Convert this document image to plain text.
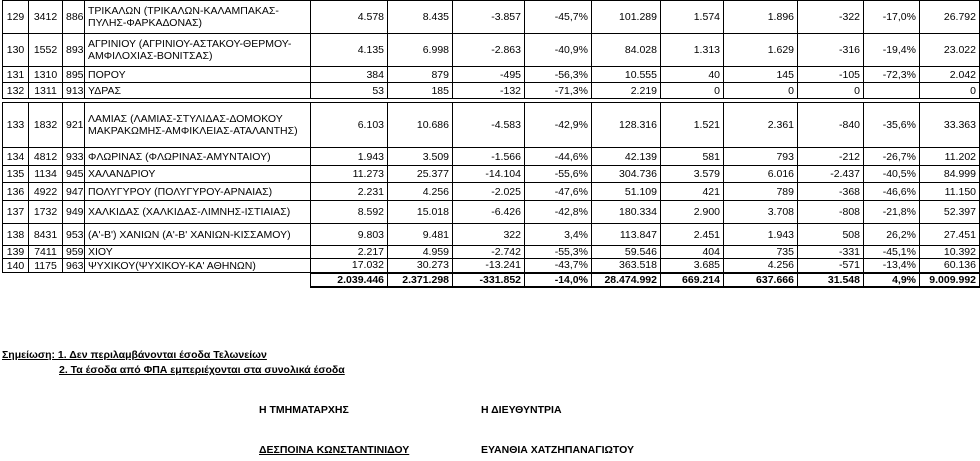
129	3412	886	ΤΡΙΚΑΛΩΝ (ΤΡΙΚΑΛΩΝ-ΚΑΛΑΜΠΑΚΑΣ-ΠΥΛΗΣ-ΦΑΡΚΑΔΟΝΑΣ)	4.578	8.435	-3.857	-45,7%	101.289	1.574	1.896	-322	-17,0%	26.792
130	1552	893	ΑΓΡΙΝΙΟΥ (ΑΓΡΙΝΙΟΥ-ΑΣΤΑΚΟΥ-ΘΕΡΜΟΥ-ΑΜΦΙΛΟΧΙΑΣ-ΒΟΝΙΤΣΑΣ)	4.135	6.998	-2.863	-40,9%	84.028	1.313	1.629	-316	-19,4%	23.022
131	1310	895	ΠΟΡΟΥ	384	879	-495	-56,3%	10.555	40	145	-105	-72,3%	2.042
132	1311	913	ΥΔΡΑΣ	53	185	-132	-71,3%	2.219	0	0	0		0

133	1832	921	ΛΑΜΙΑΣ (ΛΑΜΙΑΣ-ΣΤΥΛΙΔΑΣ-ΔΟΜΟΚΟΥ ΜΑΚΡΑΚΩΜΗΣ-ΑΜΦΙΚΛΕΙΑΣ-ΑΤΑΛΑΝΤΗΣ)	6.103	10.686	-4.583	-42,9%	128.316	1.521	2.361	-840	-35,6%	33.363
134	4812	933	ΦΛΩΡΙΝΑΣ (ΦΛΩΡΙΝΑΣ-ΑΜΥΝΤΑΙΟΥ)	1.943	3.509	-1.566	-44,6%	42.139	581	793	-212	-26,7%	11.202
135	1134	945	ΧΑΛΑΝΔΡΙΟΥ	11.273	25.377	-14.104	-55,6%	304.736	3.579	6.016	-2.437	-40,5%	84.999
136	4922	947	ΠΟΛΥΓΥΡΟΥ (ΠΟΛΥΓΥΡΟΥ-ΑΡΝΑΙΑΣ)	2.231	4.256	-2.025	-47,6%	51.109	421	789	-368	-46,6%	11.150
137	1732	949	ΧΑΛΚΙΔΑΣ (ΧΑΛΚΙΔΑΣ-ΛΙΜΝΗΣ-ΙΣΤΙΑΙΑΣ)	8.592	15.018	-6.426	-42,8%	180.334	2.900	3.708	-808	-21,8%	52.397
138	8431	953	(Α'-Β') ΧΑΝΙΩΝ (Α'-Β' ΧΑΝΙΩΝ-ΚΙΣΣΑΜΟΥ)	9.803	9.481	322	3,4%	113.847	2.451	1.943	508	26,2%	27.451
139	7411	959	ΧΙΟΥ	2.217	4.959	-2.742	-55,3%	59.546	404	735	-331	-45,1%	10.392
140	1175	963	ΨΥΧΙΚΟΥ(ΨΥΧΙΚΟΥ-ΚΑ' ΑΘΗΝΩΝ)	17.032	30.273	-13.241	-43,7%	363.518	3.685	4.256	-571	-13,4%	60.136
				2.039.446	2.371.298	-331.852	-14,0%	28.474.992	669.214	637.666	31.548	4,9%	9.009.992
Σημείωση: 1. Δεν περιλαμβάνονται έσοδα Τελωνείων
2. Τα έσοδα από ΦΠΑ εμπεριέχονται στα συνολικά έσοδα
Η ΤΜΗΜΑΤΑΡΧΗΣ	Η ΔΙΕΥΘΥΝΤΡΙΑ
ΔΕΣΠΟΙΝΑ ΚΩΝΣΤΑΝΤΙΝΙΔΟΥ	ΕΥΑΝΘΙΑ ΧΑΤΖΗΠΑΝΑΓΙΩΤΟΥ
